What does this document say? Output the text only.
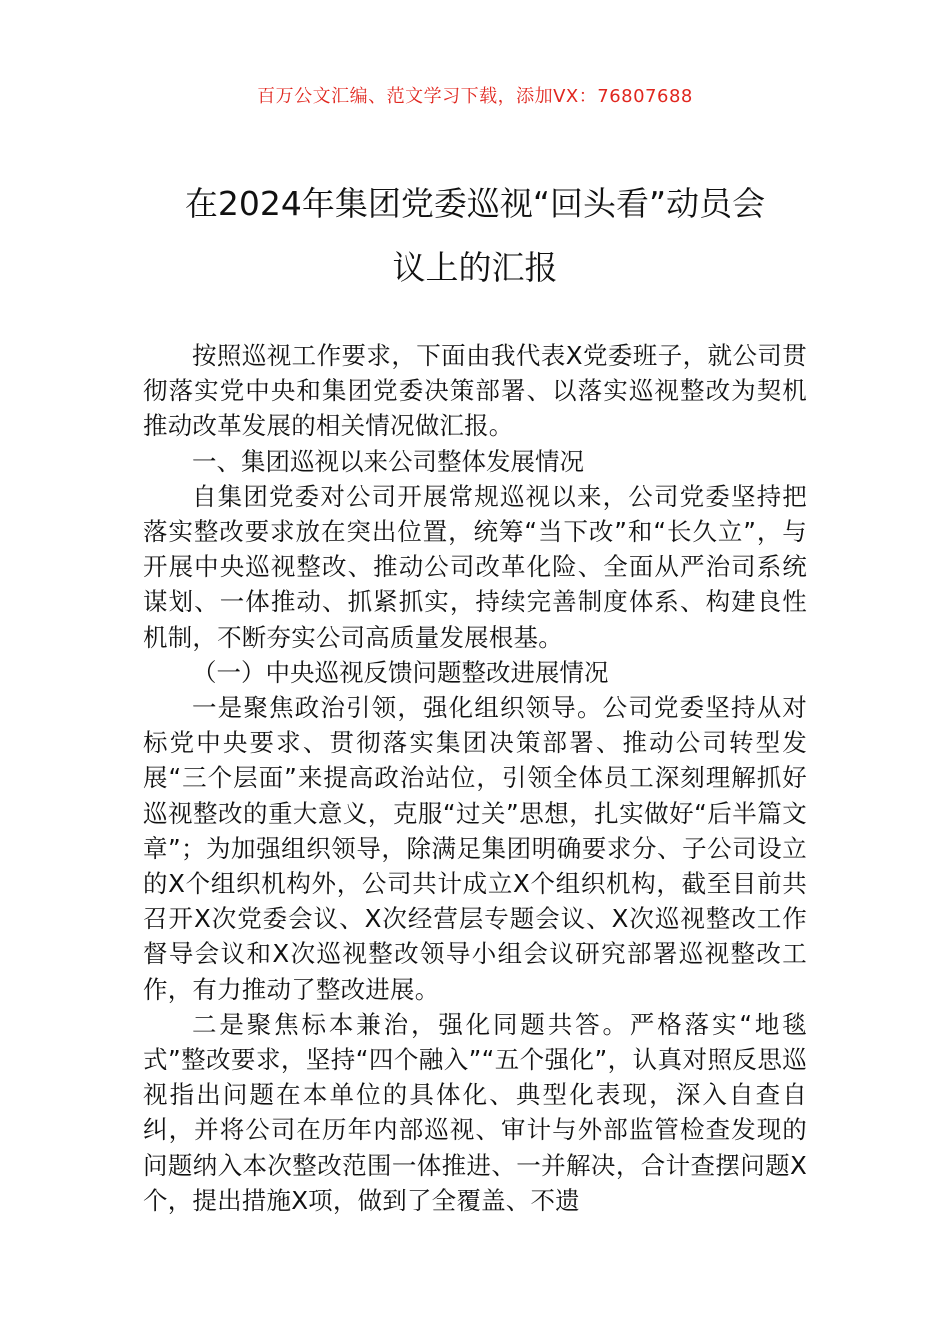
百万公文汇编、范文学习下载，添加VX：76807688
在2024年集团党委巡视“回头看”动员会
议上的汇报

按照巡视工作要求，下面由我代表X党委班子，就公司贯彻落实党中央和集团党委决策部署、以落实巡视整改为契机推动改革发展的相关情况做汇报。

一、集团巡视以来公司整体发展情况

自集团党委对公司开展常规巡视以来，公司党委坚持把落实整改要求放在突出位置，统筹“当下改”和“长久立”，与开展中央巡视整改、推动公司改革化险、全面从严治司系统谋划、一体推动、抓紧抓实，持续完善制度体系、构建良性机制，不断夯实公司高质量发展根基。

（一）中央巡视反馈问题整改进展情况

一是聚焦政治引领，强化组织领导。公司党委坚持从对标党中央要求、贯彻落实集团决策部署、推动公司转型发展“三个层面”来提高政治站位，引领全体员工深刻理解抓好巡视整改的重大意义，克服“过关”思想，扎实做好“后半篇文章”；为加强组织领导，除满足集团明确要求分、子公司设立的X个组织机构外，公司共计成立X个组织机构，截至目前共召开X次党委会议、X次经营层专题会议、X次巡视整改工作督导会议和X次巡视整改领导小组会议研究部署巡视整改工作，有力推动了整改进展。

二是聚焦标本兼治，强化同题共答。严格落实“地毯式”整改要求，坚持“四个融入”“五个强化”，认真对照反思巡视指出问题在本单位的具体化、典型化表现，深入自查自纠，并将公司在历年内部巡视、审计与外部监管检查发现的问题纳入本次整改范围一体推进、一并解决，合计查摆问题X个，提出措施X项，做到了全覆盖、不遗
